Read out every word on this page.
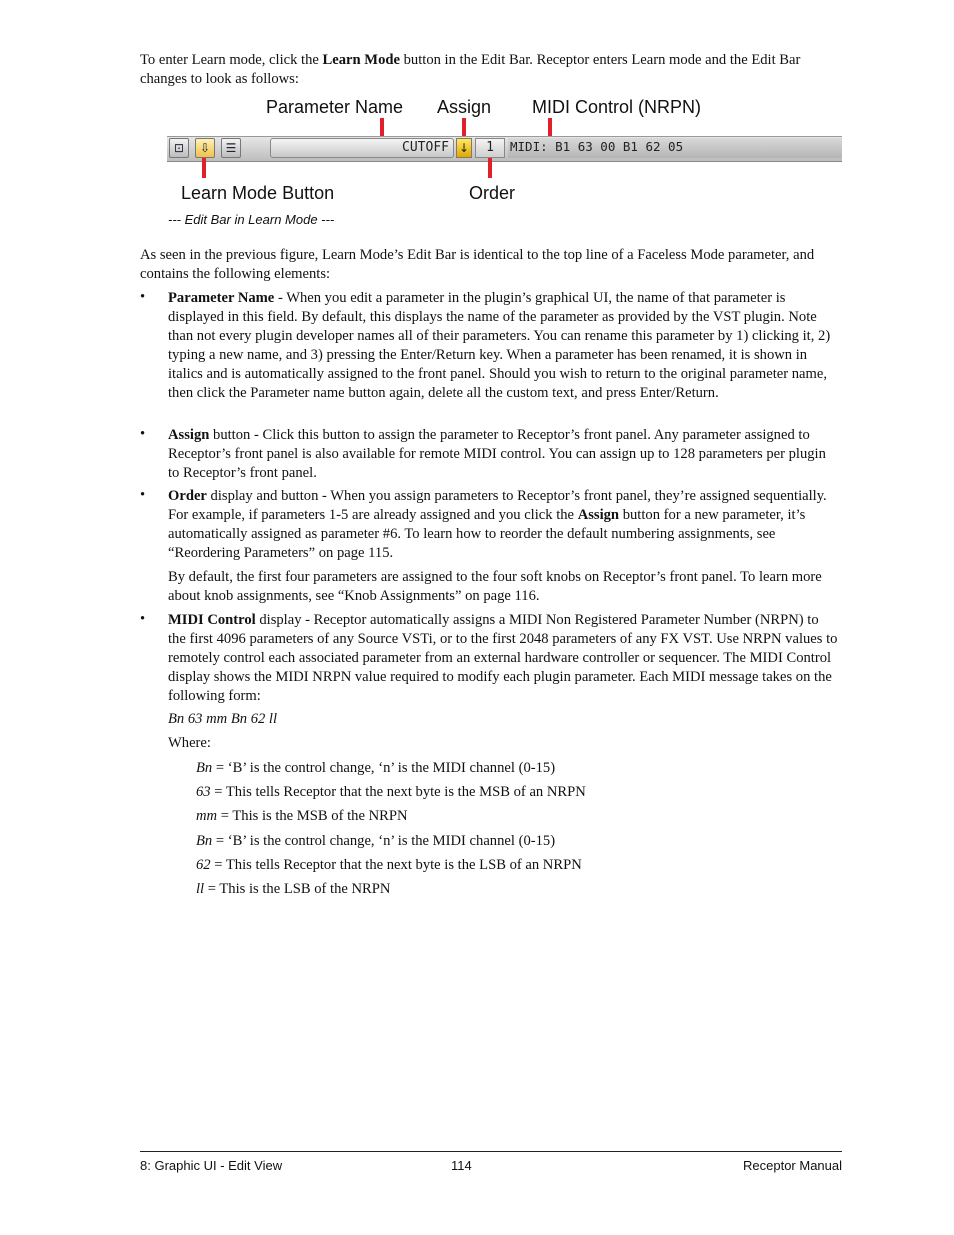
To enter Learn mode, click the Learn Mode button in the Edit Bar. Receptor enters Learn mode and the Edit Bar changes to look as follows:

Parameter Name Assign MIDI Control (NRPN)
⊡	⇩	☰	CUTOFF ↓	1	MIDI: B1 63 00 B1 62 05
Learn Mode Button	Order
--- Edit Bar in Learn Mode ---

As seen in the previous figure, Learn Mode’s Edit Bar is identical to the top line of a Faceless Mode parameter, and contains the following elements:

• Parameter Name - When you edit a parameter in the plugin’s graphical UI, the name of that parameter is displayed in this field. By default, this displays the name of the parameter as provided by the VST plugin. Note than not every plugin developer names all of their parameters. You can rename this parameter by 1) clicking it, 2) typing a new name, and 3) pressing the Enter/Return key. When a parameter has been renamed, it is shown in italics and is automatically assigned to the front panel. Should you wish to return to the original parameter name, then click the Parameter name button again, delete all the custom text, and press Enter/Return.

• Assign button - Click this button to assign the parameter to Receptor’s front panel. Any parameter assigned to Receptor’s front panel is also available for remote MIDI control. You can assign up to 128 parameters per plugin to Receptor’s front panel.

• Order display and button - When you assign parameters to Receptor’s front panel, they’re assigned sequentially. For example, if parameters 1-5 are already assigned and you click the Assign button for a new parameter, it’s automatically assigned as parameter #6. To learn how to reorder the default numbering assignments, see “Reordering Parameters” on page 115.

By default, the first four parameters are assigned to the four soft knobs on Receptor’s front panel. To learn more about knob assignments, see “Knob Assignments” on page 116.

• MIDI Control display - Receptor automatically assigns a MIDI Non Registered Parameter Number (NRPN) to the first 4096 parameters of any Source VSTi, or to the first 2048 parameters of any FX VST. Use NRPN values to remotely control each associated parameter from an external hardware controller or sequencer. The MIDI Control display shows the MIDI NRPN value required to modify each plugin parameter. Each MIDI message takes on the following form:

Bn 63 mm Bn 62 ll

Where:

Bn = ‘B’ is the control change, ‘n’ is the MIDI channel (0-15)

63 = This tells Receptor that the next byte is the MSB of an NRPN

mm = This is the MSB of the NRPN

Bn = ‘B’ is the control change, ‘n’ is the MIDI channel (0-15)

62 = This tells Receptor that the next byte is the LSB of an NRPN

ll = This is the LSB of the NRPN

8: Graphic UI - Edit View	114	Receptor Manual
